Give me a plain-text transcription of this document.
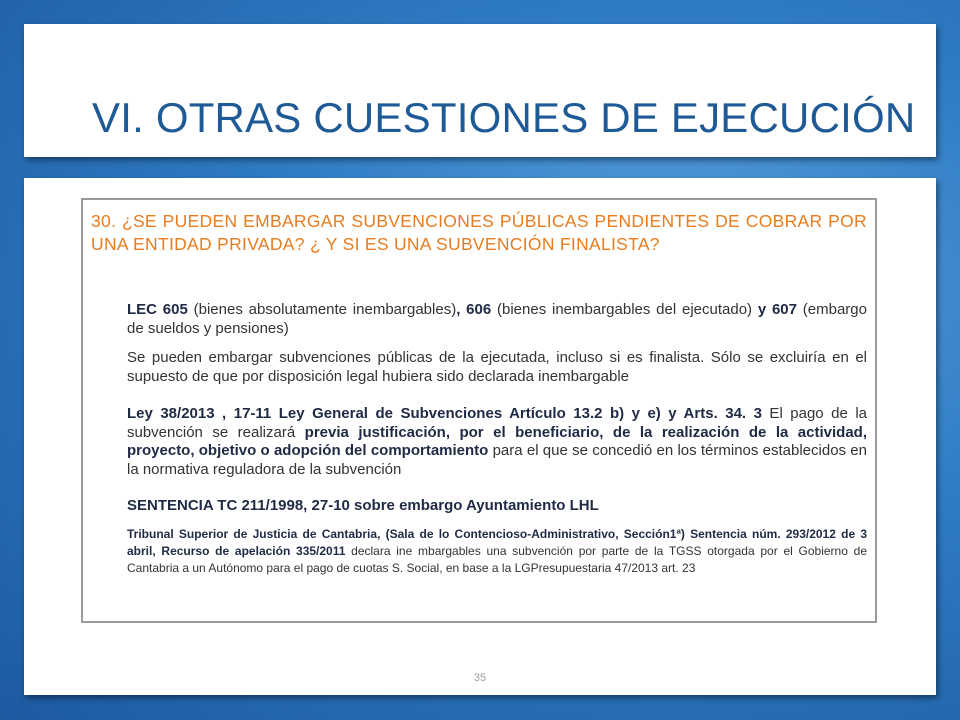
VI. OTRAS CUESTIONES DE EJECUCIÓN

30. ¿SE PUEDEN EMBARGAR SUBVENCIONES PÚBLICAS PENDIENTES DE COBRAR POR UNA ENTIDAD PRIVADA? ¿ Y SI ES UNA SUBVENCIÓN FINALISTA?

LEC 605 (bienes absolutamente inembargables), 606 (bienes inembargables del ejecutado) y 607 (embargo de sueldos y pensiones)

Se pueden embargar subvenciones públicas de la ejecutada, incluso si es finalista. Sólo se excluiría en el supuesto de que por disposición legal hubiera sido declarada inembargable

Ley 38/2013 , 17-11 Ley General de Subvenciones Artículo 13.2 b) y e) y Arts. 34. 3 El pago de la subvención se realizará previa justificación, por el beneficiario, de la realización de la actividad, proyecto, objetivo o adopción del comportamiento para el que se concedió en los términos establecidos en la normativa reguladora de la subvención

SENTENCIA TC 211/1998, 27-10 sobre embargo Ayuntamiento LHL

Tribunal Superior de Justicia de Cantabria, (Sala de lo Contencioso-Administrativo, Sección1ª) Sentencia núm. 293/2012 de 3 abril, Recurso de apelación 335/2011 declara ine mbargables una subvención por parte de la TGSS otorgada por el Gobierno de Cantabria a un Autónomo para el pago de cuotas S. Social, en base a la LGPresupuestaria 47/2013 art. 23

35
